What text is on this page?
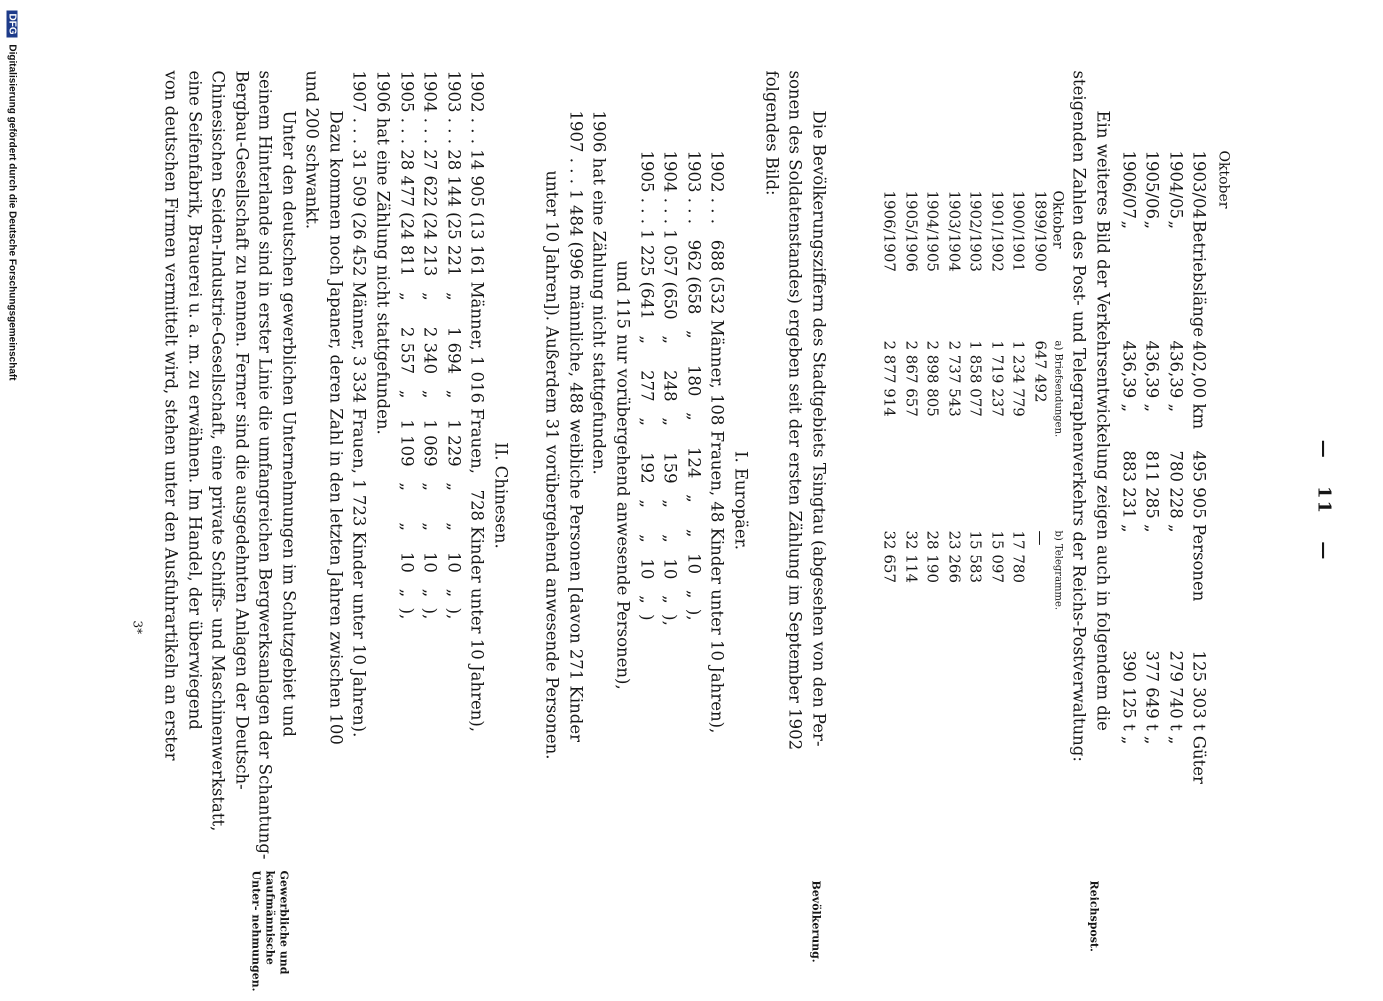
— 11 —
Oktober
1903/04
Betriebslänge
402,00 km
495 905 Personen
125 303 t Güter
1904/05
„
436,39 „
780 228 „
279 740 t „
1905/06
„
436,39 „
811 285 „
377 649 t „
1906/07
„
436,39 „
883 231 „
390 125 t „
Ein weiteres Bild der Verkehrsentwickelung zeigen auch in folgendem die
steigenden Zahlen des Post- und Telegraphenverkehrs der Reichs-Postverwaltung:
Oktober
a) Briefsendungen.
b) Telegramme.
1899/1900
647 492
—
1900/1901
1 234 779
17 780
1901/1902
1 719 237
15 097
1902/1903
1 858 077
15 583
1903/1904
2 737 543
23 266
1904/1905
2 898 805
28 190
1905/1906
2 867 657
32 114
1906/1907
2 877 914
32 657
Die Bevölkerungsziffern des Stadtgebiets Tsingtau (abgesehen von den Per-
sonen des Soldatenstandes) ergeben seit der ersten Zählung im September 1902
folgendes Bild:
I. Europäer.
1902 . . .   688 (532 Männer, 108 Frauen, 48 Kinder unter 10 Jahren),
1903 . . .   962 (658   „     180   „     124   „     „   10   „  ),
1904 . . . 1 057 (650   „     248   „     159   „     „   10   „  ),
1905 . . . 1 225 (641   „     277   „     192   „     „   10   „  )
und 115 nur vorübergehend anwesende Personen),
1906 hat eine Zählung nicht stattgefunden.
1907 . . . 1 484 (996 männliche, 488 weibliche Personen [davon 271 Kinder
unter 10 Jahren]). Außerdem 31 vorübergehend anwesende Personen.
II. Chinesen.
1902 . . . 14 905 (13 161 Männer, 1 016 Frauen,   728 Kinder unter 10 Jahren),
1903 . . . 28 144 (25 221   „     1 694   „    1 229   „      „    10   „  ),
1904 . . . 27 622 (24 213   „     2 340   „    1 069   „      „    10   „  ),
1905 . . . 28 477 (24 811   „     2 557   „    1 109   „      „    10   „  ),
1906 hat eine Zählung nicht stattgefunden.
1907 . . . 31 509 (26 452 Männer, 3 334 Frauen, 1 723 Kinder unter 10 Jahren).
Dazu kommen noch Japaner, deren Zahl in den letzten Jahren zwischen 100
und 200 schwankt.
Unter den deutschen gewerblichen Unternehmungen im Schutzgebiet und
seinem Hinterlande sind in erster Linie die umfangreichen Bergwerksanlagen der Schantung-
Bergbau-Gesellschaft zu nennen. Ferner sind die ausgedehnten Anlagen der Deutsch-
Chinesischen Seiden-Industrie-Gesellschaft, eine private Schiffs- und Maschinenwerkstatt,
eine Seifenfabrik, Brauerei u. a. m. zu erwähnen. Im Handel, der überwiegend
von deutschen Firmen vermittelt wird, stehen unter den Ausfuhrartikeln an erster
3*
Reichspost.
Bevölkerung.
Gewerbliche und kaufmännische Unter- nehmungen.
DFG Digitalisierung gefördert durch die Deutsche Forschungsgemeinschaft
